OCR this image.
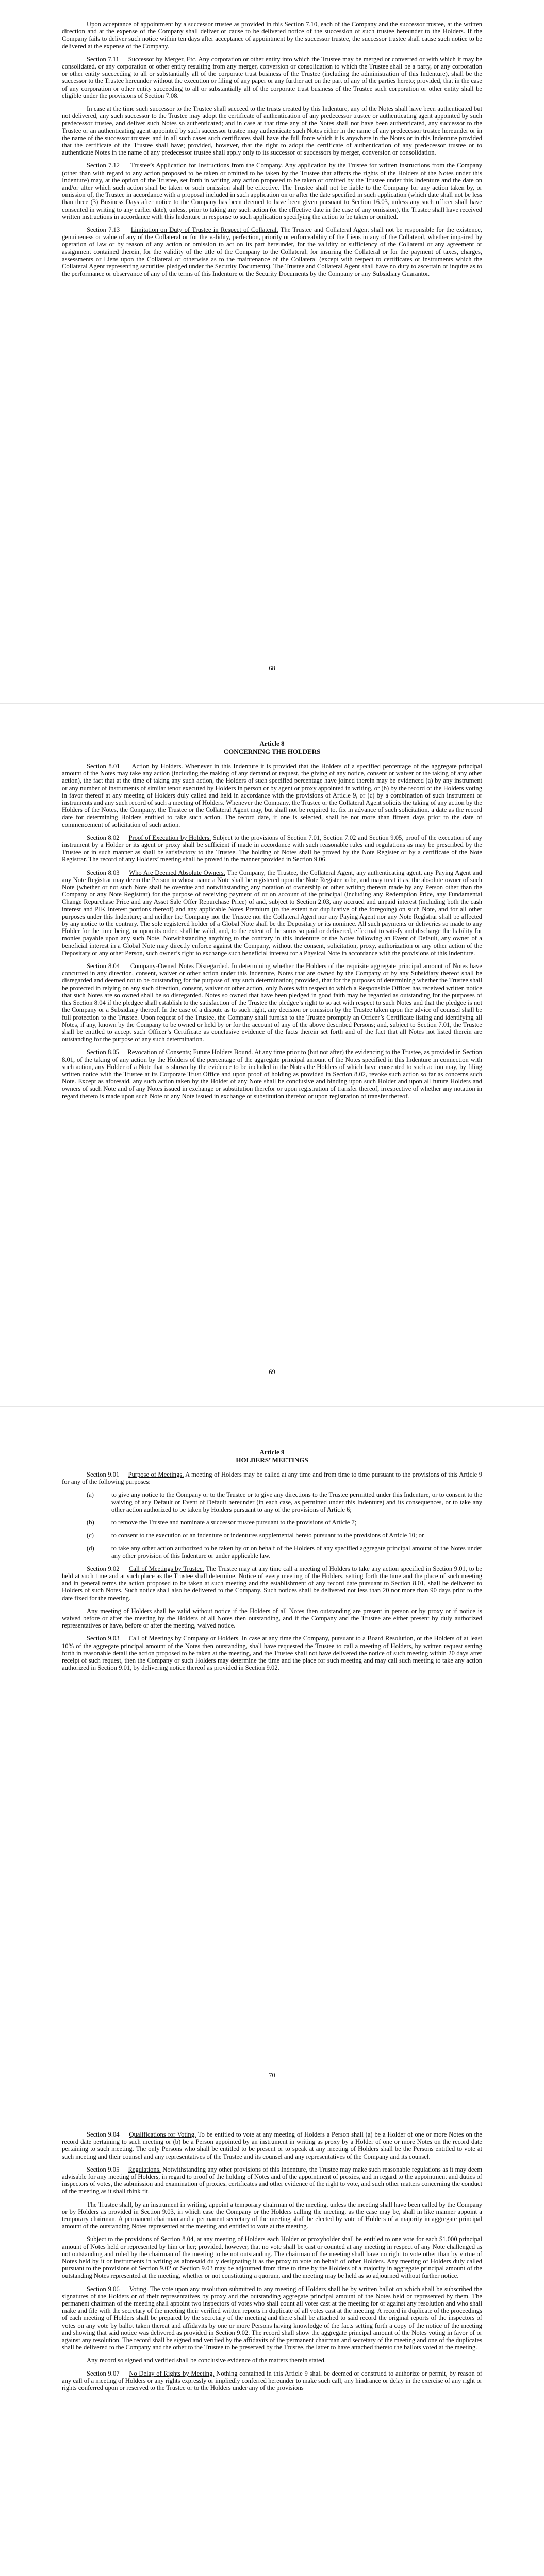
Upon acceptance of appointment by a successor trustee as provided in this Section 7.10, each of the Company and the successor trustee, at the written direction and at the expense of the Company shall deliver or cause to be delivered notice of the succession of such trustee hereunder to the Holders. If the Company fails to deliver such notice within ten days after acceptance of appointment by the successor trustee, the successor trustee shall cause such notice to be delivered at the expense of the Company.

Section 7.11 Successor by Merger, Etc. Any corporation or other entity into which the Trustee may be merged or converted or with which it may be consolidated, or any corporation or other entity resulting from any merger, conversion or consolidation to which the Trustee shall be a party, or any corporation or other entity succeeding to all or substantially all of the corporate trust business of the Trustee (including the administration of this Indenture), shall be the successor to the Trustee hereunder without the execution or filing of any paper or any further act on the part of any of the parties hereto; provided, that in the case of any corporation or other entity succeeding to all or substantially all of the corporate trust business of the Trustee such corporation or other entity shall be eligible under the provisions of Section 7.08.

In case at the time such successor to the Trustee shall succeed to the trusts created by this Indenture, any of the Notes shall have been authenticated but not delivered, any such successor to the Trustee may adopt the certificate of authentication of any predecessor trustee or authenticating agent appointed by such predecessor trustee, and deliver such Notes so authenticated; and in case at that time any of the Notes shall not have been authenticated, any successor to the Trustee or an authenticating agent appointed by such successor trustee may authenticate such Notes either in the name of any predecessor trustee hereunder or in the name of the successor trustee; and in all such cases such certificates shall have the full force which it is anywhere in the Notes or in this Indenture provided that the certificate of the Trustee shall have; provided, however, that the right to adopt the certificate of authentication of any predecessor trustee or to authenticate Notes in the name of any predecessor trustee shall apply only to its successor or successors by merger, conversion or consolidation.

Section 7.12 Trustee’s Application for Instructions from the Company. Any application by the Trustee for written instructions from the Company (other than with regard to any action proposed to be taken or omitted to be taken by the Trustee that affects the rights of the Holders of the Notes under this Indenture) may, at the option of the Trustee, set forth in writing any action proposed to be taken or omitted by the Trustee under this Indenture and the date on and/or after which such action shall be taken or such omission shall be effective. The Trustee shall not be liable to the Company for any action taken by, or omission of, the Trustee in accordance with a proposal included in such application on or after the date specified in such application (which date shall not be less than three (3) Business Days after notice to the Company has been deemed to have been given pursuant to Section 16.03, unless any such officer shall have consented in writing to any earlier date), unless, prior to taking any such action (or the effective date in the case of any omission), the Trustee shall have received written instructions in accordance with this Indenture in response to such application specifying the action to be taken or omitted.

Section 7.13 Limitation on Duty of Trustee in Respect of Collateral. The Trustee and Collateral Agent shall not be responsible for the existence, genuineness or value of any of the Collateral or for the validity, perfection, priority or enforceability of the Liens in any of the Collateral, whether impaired by operation of law or by reason of any action or omission to act on its part hereunder, for the validity or sufficiency of the Collateral or any agreement or assignment contained therein, for the validity of the title of the Company to the Collateral, for insuring the Collateral or for the payment of taxes, charges, assessments or Liens upon the Collateral or otherwise as to the maintenance of the Collateral (except with respect to certificates or instruments which the Collateral Agent representing securities pledged under the Security Documents). The Trustee and Collateral Agent shall have no duty to ascertain or inquire as to the performance or observance of any of the terms of this Indenture or the Security Documents by the Company or any Subsidiary Guarantor.

68
Article 8
CONCERNING THE HOLDERS

Section 8.01 Action by Holders. Whenever in this Indenture it is provided that the Holders of a specified percentage of the aggregate principal amount of the Notes may take any action (including the making of any demand or request, the giving of any notice, consent or waiver or the taking of any other action), the fact that at the time of taking any such action, the Holders of such specified percentage have joined therein may be evidenced (a) by any instrument or any number of instruments of similar tenor executed by Holders in person or by agent or proxy appointed in writing, or (b) by the record of the Holders voting in favor thereof at any meeting of Holders duly called and held in accordance with the provisions of Article 9, or (c) by a combination of such instrument or instruments and any such record of such a meeting of Holders. Whenever the Company, the Trustee or the Collateral Agent solicits the taking of any action by the Holders of the Notes, the Company, the Trustee or the Collateral Agent may, but shall not be required to, fix in advance of such solicitation, a date as the record date for determining Holders entitled to take such action. The record date, if one is selected, shall be not more than fifteen days prior to the date of commencement of solicitation of such action.

Section 8.02 Proof of Execution by Holders. Subject to the provisions of Section 7.01, Section 7.02 and Section 9.05, proof of the execution of any instrument by a Holder or its agent or proxy shall be sufficient if made in accordance with such reasonable rules and regulations as may be prescribed by the Trustee or in such manner as shall be satisfactory to the Trustee. The holding of Notes shall be proved by the Note Register or by a certificate of the Note Registrar. The record of any Holders’ meeting shall be proved in the manner provided in Section 9.06.

Section 8.03 Who Are Deemed Absolute Owners. The Company, the Trustee, the Collateral Agent, any authenticating agent, any Paying Agent and any Note Registrar may deem the Person in whose name a Note shall be registered upon the Note Register to be, and may treat it as, the absolute owner of such Note (whether or not such Note shall be overdue and notwithstanding any notation of ownership or other writing thereon made by any Person other than the Company or any Note Registrar) for the purpose of receiving payment of or on account of the principal (including any Redemption Price, any Fundamental Change Repurchase Price and any Asset Sale Offer Repurchase Price) of and, subject to Section 2.03, any accrued and unpaid interest (including both the cash interest and PIK Interest portions thereof) and any applicable Notes Premium (to the extent not duplicative of the foregoing) on such Note, and for all other purposes under this Indenture; and neither the Company nor the Trustee nor the Collateral Agent nor any Paying Agent nor any Note Registrar shall be affected by any notice to the contrary. The sole registered holder of a Global Note shall be the Depositary or its nominee. All such payments or deliveries so made to any Holder for the time being, or upon its order, shall be valid, and, to the extent of the sums so paid or delivered, effectual to satisfy and discharge the liability for monies payable upon any such Note. Notwithstanding anything to the contrary in this Indenture or the Notes following an Event of Default, any owner of a beneficial interest in a Global Note may directly enforce against the Company, without the consent, solicitation, proxy, authorization or any other action of the Depositary or any other Person, such owner’s right to exchange such beneficial interest for a Physical Note in accordance with the provisions of this Indenture.

Section 8.04 Company-Owned Notes Disregarded. In determining whether the Holders of the requisite aggregate principal amount of Notes have concurred in any direction, consent, waiver or other action under this Indenture, Notes that are owned by the Company or by any Subsidiary thereof shall be disregarded and deemed not to be outstanding for the purpose of any such determination; provided, that for the purposes of determining whether the Trustee shall be protected in relying on any such direction, consent, waiver or other action, only Notes with respect to which a Responsible Officer has received written notice that such Notes are so owned shall be so disregarded. Notes so owned that have been pledged in good faith may be regarded as outstanding for the purposes of this Section 8.04 if the pledgee shall establish to the satisfaction of the Trustee the pledgee’s right to so act with respect to such Notes and that the pledgee is not the Company or a Subsidiary thereof. In the case of a dispute as to such right, any decision or omission by the Trustee taken upon the advice of counsel shall be full protection to the Trustee. Upon request of the Trustee, the Company shall furnish to the Trustee promptly an Officer’s Certificate listing and identifying all Notes, if any, known by the Company to be owned or held by or for the account of any of the above described Persons; and, subject to Section 7.01, the Trustee shall be entitled to accept such Officer’s Certificate as conclusive evidence of the facts therein set forth and of the fact that all Notes not listed therein are outstanding for the purpose of any such determination.

Section 8.05 Revocation of Consents; Future Holders Bound. At any time prior to (but not after) the evidencing to the Trustee, as provided in Section 8.01, of the taking of any action by the Holders of the percentage of the aggregate principal amount of the Notes specified in this Indenture in connection with such action, any Holder of a Note that is shown by the evidence to be included in the Notes the Holders of which have consented to such action may, by filing written notice with the Trustee at its Corporate Trust Office and upon proof of holding as provided in Section 8.02, revoke such action so far as concerns such Note. Except as aforesaid, any such action taken by the Holder of any Note shall be conclusive and binding upon such Holder and upon all future Holders and owners of such Note and of any Notes issued in exchange or substitution therefor or upon registration of transfer thereof, irrespective of whether any notation in regard thereto is made upon such Note or any Note issued in exchange or substitution therefor or upon registration of transfer thereof.

69
Article 9
HOLDERS’ MEETINGS

Section 9.01 Purpose of Meetings. A meeting of Holders may be called at any time and from time to time pursuant to the provisions of this Article 9 for any of the following purposes:

(a)	to give any notice to the Company or to the Trustee or to give any directions to the Trustee permitted under this Indenture, or to consent to the waiving of any Default or Event of Default hereunder (in each case, as permitted under this Indenture) and its consequences, or to take any other action authorized to be taken by Holders pursuant to any of the provisions of Article 6;
(b)	to remove the Trustee and nominate a successor trustee pursuant to the provisions of Article 7;
(c)	to consent to the execution of an indenture or indentures supplemental hereto pursuant to the provisions of Article 10; or
(d)	to take any other action authorized to be taken by or on behalf of the Holders of any specified aggregate principal amount of the Notes under any other provision of this Indenture or under applicable law.

Section 9.02 Call of Meetings by Trustee. The Trustee may at any time call a meeting of Holders to take any action specified in Section 9.01, to be held at such time and at such place as the Trustee shall determine. Notice of every meeting of the Holders, setting forth the time and the place of such meeting and in general terms the action proposed to be taken at such meeting and the establishment of any record date pursuant to Section 8.01, shall be delivered to Holders of such Notes. Such notice shall also be delivered to the Company. Such notices shall be delivered not less than 20 nor more than 90 days prior to the date fixed for the meeting.

Any meeting of Holders shall be valid without notice if the Holders of all Notes then outstanding are present in person or by proxy or if notice is waived before or after the meeting by the Holders of all Notes then outstanding, and if the Company and the Trustee are either present by duly authorized representatives or have, before or after the meeting, waived notice.

Section 9.03 Call of Meetings by Company or Holders. In case at any time the Company, pursuant to a Board Resolution, or the Holders of at least 10% of the aggregate principal amount of the Notes then outstanding, shall have requested the Trustee to call a meeting of Holders, by written request setting forth in reasonable detail the action proposed to be taken at the meeting, and the Trustee shall not have delivered the notice of such meeting within 20 days after receipt of such request, then the Company or such Holders may determine the time and the place for such meeting and may call such meeting to take any action authorized in Section 9.01, by delivering notice thereof as provided in Section 9.02.

70

Section 9.04 Qualifications for Voting. To be entitled to vote at any meeting of Holders a Person shall (a) be a Holder of one or more Notes on the record date pertaining to such meeting or (b) be a Person appointed by an instrument in writing as proxy by a Holder of one or more Notes on the record date pertaining to such meeting. The only Persons who shall be entitled to be present or to speak at any meeting of Holders shall be the Persons entitled to vote at such meeting and their counsel and any representatives of the Trustee and its counsel and any representatives of the Company and its counsel.

Section 9.05 Regulations. Notwithstanding any other provisions of this Indenture, the Trustee may make such reasonable regulations as it may deem advisable for any meeting of Holders, in regard to proof of the holding of Notes and of the appointment of proxies, and in regard to the appointment and duties of inspectors of votes, the submission and examination of proxies, certificates and other evidence of the right to vote, and such other matters concerning the conduct of the meeting as it shall think fit.

The Trustee shall, by an instrument in writing, appoint a temporary chairman of the meeting, unless the meeting shall have been called by the Company or by Holders as provided in Section 9.03, in which case the Company or the Holders calling the meeting, as the case may be, shall in like manner appoint a temporary chairman. A permanent chairman and a permanent secretary of the meeting shall be elected by vote of Holders of a majority in aggregate principal amount of the outstanding Notes represented at the meeting and entitled to vote at the meeting.

Subject to the provisions of Section 8.04, at any meeting of Holders each Holder or proxyholder shall be entitled to one vote for each $1,000 principal amount of Notes held or represented by him or her; provided, however, that no vote shall be cast or counted at any meeting in respect of any Note challenged as not outstanding and ruled by the chairman of the meeting to be not outstanding. The chairman of the meeting shall have no right to vote other than by virtue of Notes held by it or instruments in writing as aforesaid duly designating it as the proxy to vote on behalf of other Holders. Any meeting of Holders duly called pursuant to the provisions of Section 9.02 or Section 9.03 may be adjourned from time to time by the Holders of a majority in aggregate principal amount of the outstanding Notes represented at the meeting, whether or not constituting a quorum, and the meeting may be held as so adjourned without further notice.

Section 9.06 Voting. The vote upon any resolution submitted to any meeting of Holders shall be by written ballot on which shall be subscribed the signatures of the Holders or of their representatives by proxy and the outstanding aggregate principal amount of the Notes held or represented by them. The permanent chairman of the meeting shall appoint two inspectors of votes who shall count all votes cast at the meeting for or against any resolution and who shall make and file with the secretary of the meeting their verified written reports in duplicate of all votes cast at the meeting. A record in duplicate of the proceedings of each meeting of Holders shall be prepared by the secretary of the meeting and there shall be attached to said record the original reports of the inspectors of votes on any vote by ballot taken thereat and affidavits by one or more Persons having knowledge of the facts setting forth a copy of the notice of the meeting and showing that said notice was delivered as provided in Section 9.02. The record shall show the aggregate principal amount of the Notes voting in favor of or against any resolution. The record shall be signed and verified by the affidavits of the permanent chairman and secretary of the meeting and one of the duplicates shall be delivered to the Company and the other to the Trustee to be preserved by the Trustee, the latter to have attached thereto the ballots voted at the meeting.

Any record so signed and verified shall be conclusive evidence of the matters therein stated.

Section 9.07 No Delay of Rights by Meeting. Nothing contained in this Article 9 shall be deemed or construed to authorize or permit, by reason of any call of a meeting of Holders or any rights expressly or impliedly conferred hereunder to make such call, any hindrance or delay in the exercise of any right or rights conferred upon or reserved to the Trustee or to the Holders under any of the provisions
